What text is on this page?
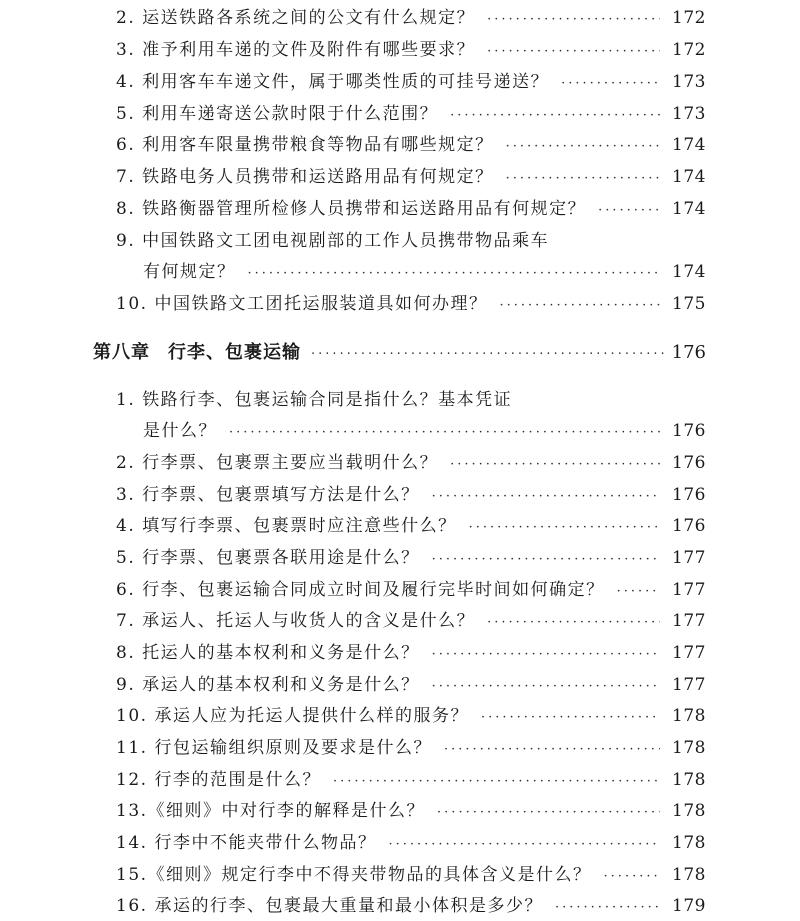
2. 运送铁路各系统之间的公文有什么规定？ ·····	172
3. 准予利用车递的文件及附件有哪些要求？ ·····	172
4. 利用客车车递文件，属于哪类性质的可挂号递送？ ·····	173
5. 利用车递寄送公款时限于什么范围？ ·····	173
6. 利用客车限量携带粮食等物品有哪些规定？ ·····	174
7. 铁路电务人员携带和运送路用品有何规定？ ·····	174
8. 铁路衡器管理所检修人员携带和运送路用品有何规定？ ·····	174
9. 中国铁路文工团电视剧部的工作人员携带物品乘车
有何规定？ ·····	174
10. 中国铁路文工团托运服装道具如何办理？ ·····	175
第八章 行李、包裹运输 ·····	176
1. 铁路行李、包裹运输合同是指什么？基本凭证
是什么？ ·····	176
2. 行李票、包裹票主要应当载明什么？ ·····	176
3. 行李票、包裹票填写方法是什么？ ·····	176
4. 填写行李票、包裹票时应注意些什么？ ·····	176
5. 行李票、包裹票各联用途是什么？ ·····	177
6. 行李、包裹运输合同成立时间及履行完毕时间如何确定？ ·····	177
7. 承运人、托运人与收货人的含义是什么？ ·····	177
8. 托运人的基本权利和义务是什么？ ·····	177
9. 承运人的基本权利和义务是什么？ ·····	177
10. 承运人应为托运人提供什么样的服务？ ·····	178
11. 行包运输组织原则及要求是什么？ ·····	178
12. 行李的范围是什么？ ·····	178
13.《细则》中对行李的解释是什么？ ·····	178
14. 行李中不能夹带什么物品？ ·····	178
15.《细则》规定行李中不得夹带物品的具体含义是什么？ ·····	178
16. 承运的行李、包裹最大重量和最小体积是多少？ ·····	179
